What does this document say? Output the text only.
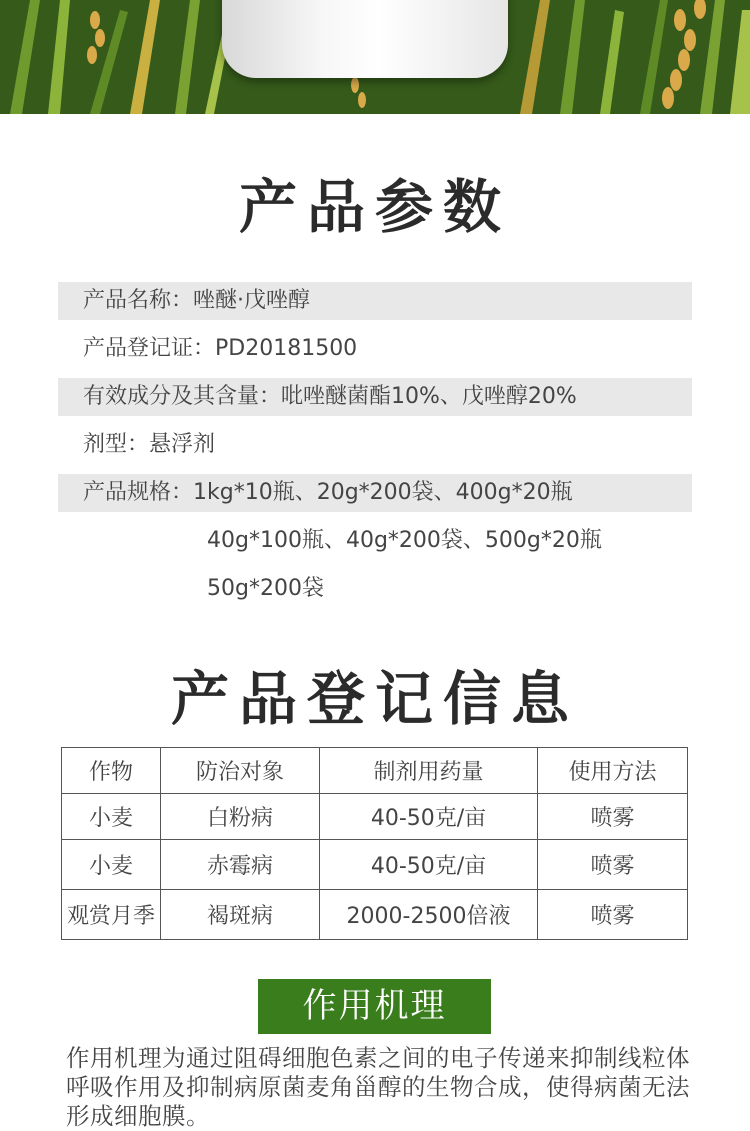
产品参数
产品名称：唑醚·戊唑醇
产品登记证：PD20181500
有效成分及其含量：吡唑醚菌酯10%、戊唑醇20%
剂型：悬浮剂
产品规格：1kg*10瓶、20g*200袋、400g*20瓶
40g*100瓶、40g*200袋、500g*20瓶
50g*200袋
产品登记信息
作物	防治对象	制剂用药量	使用方法
小麦	白粉病	40-50克/亩	喷雾
小麦	赤霉病	40-50克/亩	喷雾
观赏月季	褐斑病	2000-2500倍液	喷雾
作用机理
作用机理为通过阻碍细胞色素之间的电子传递来抑制线粒体呼吸作用及抑制病原菌麦角甾醇的生物合成，使得病菌无法形成细胞膜。
